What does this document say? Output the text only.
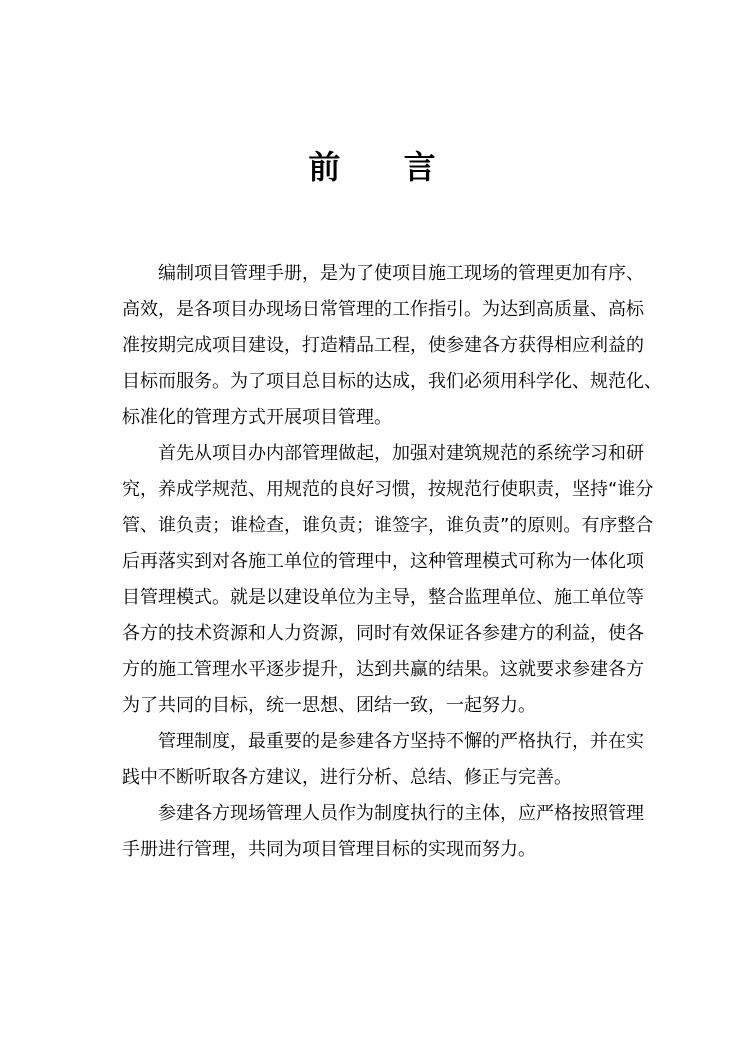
前 言
编制项目管理手册，是为了使项目施工现场的管理更加有序、
高效，是各项目办现场日常管理的工作指引。为达到高质量、高标
准按期完成项目建设，打造精品工程，使参建各方获得相应利益的
目标而服务。为了项目总目标的达成，我们必须用科学化、规范化、
标准化的管理方式开展项目管理。
首先从项目办内部管理做起，加强对建筑规范的系统学习和研
究，养成学规范、用规范的良好习惯，按规范行使职责，坚持“谁分
管、谁负责；谁检查，谁负责；谁签字，谁负责”的原则。有序整合
后再落实到对各施工单位的管理中，这种管理模式可称为一体化项
目管理模式。就是以建设单位为主导，整合监理单位、施工单位等
各方的技术资源和人力资源，同时有效保证各参建方的利益，使各
方的施工管理水平逐步提升，达到共赢的结果。这就要求参建各方
为了共同的目标，统一思想、团结一致，一起努力。
管理制度，最重要的是参建各方坚持不懈的严格执行，并在实
践中不断听取各方建议，进行分析、总结、修正与完善。
参建各方现场管理人员作为制度执行的主体，应严格按照管理
手册进行管理，共同为项目管理目标的实现而努力。
